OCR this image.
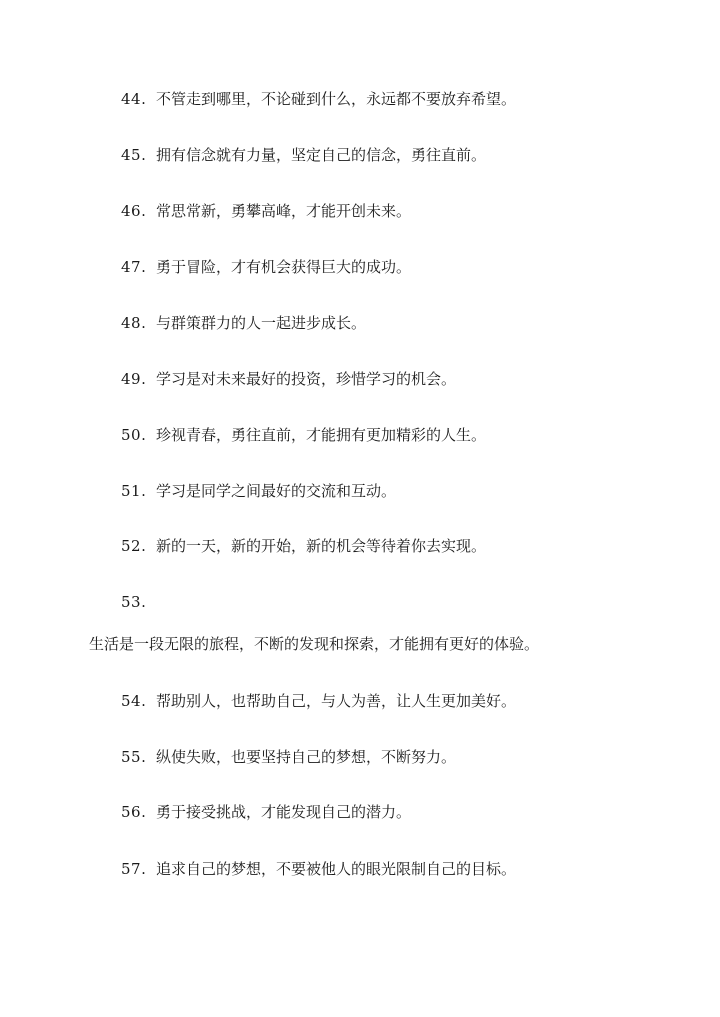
44. 不管走到哪里，不论碰到什么，永远都不要放弃希望。
45. 拥有信念就有力量，坚定自己的信念，勇往直前。
46. 常思常新，勇攀高峰，才能开创未来。
47. 勇于冒险，才有机会获得巨大的成功。
48. 与群策群力的人一起进步成长。
49. 学习是对未来最好的投资，珍惜学习的机会。
50. 珍视青春，勇往直前，才能拥有更加精彩的人生。
51. 学习是同学之间最好的交流和互动。
52. 新的一天，新的开始，新的机会等待着你去实现。
53.
生活是一段无限的旅程，不断的发现和探索，才能拥有更好的体验。
54. 帮助别人，也帮助自己，与人为善，让人生更加美好。
55. 纵使失败，也要坚持自己的梦想，不断努力。
56. 勇于接受挑战，才能发现自己的潜力。
57. 追求自己的梦想，不要被他人的眼光限制自己的目标。
